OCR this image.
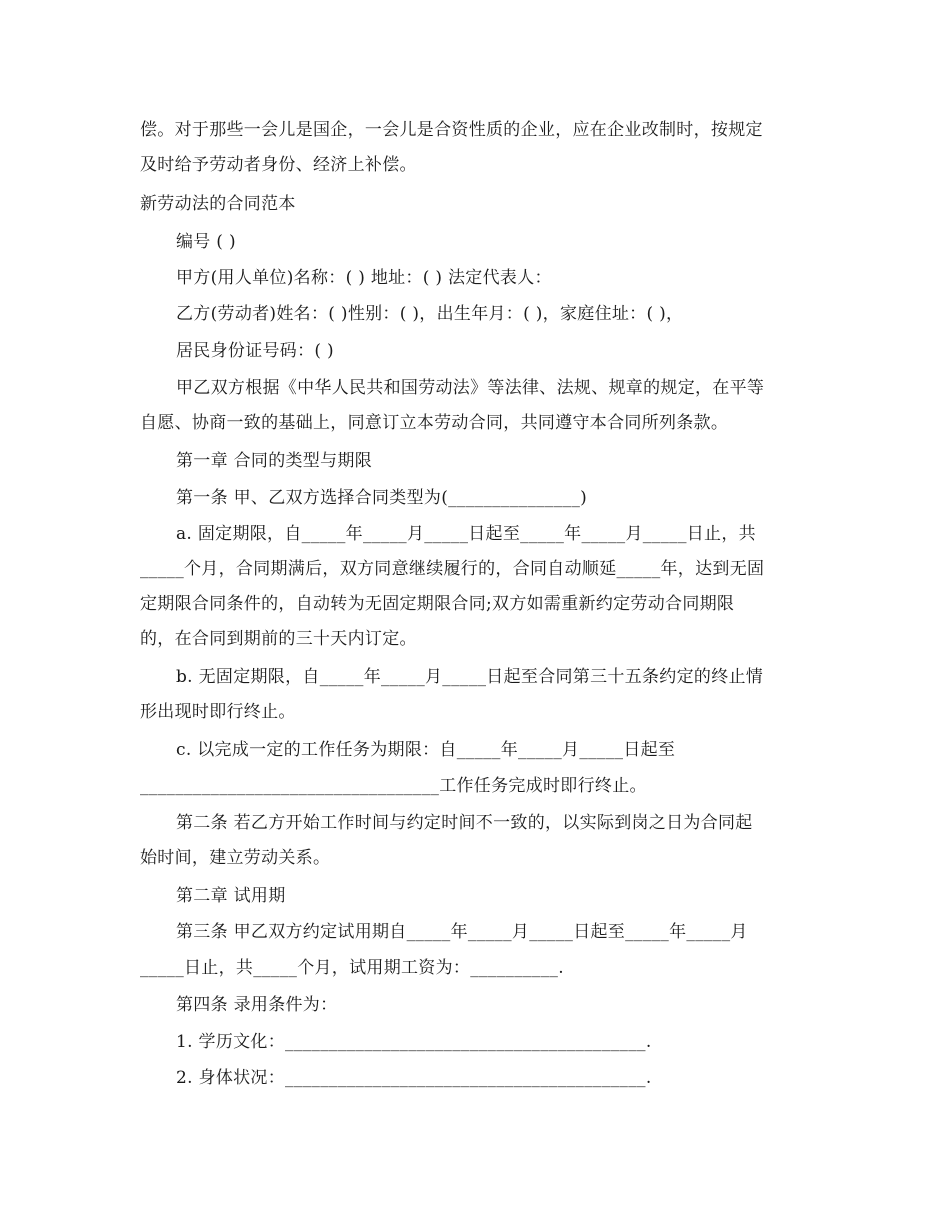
偿。对于那些一会儿是国企，一会儿是合资性质的企业，应在企业改制时，按规定
及时给予劳动者身份、经济上补偿。
新劳动法的合同范本
编号 ( )
甲方(用人单位)名称：( ) 地址：( ) 法定代表人：
乙方(劳动者)姓名：( )性别：( )，出生年月：( )，家庭住址：( )，
居民身份证号码：( )
甲乙双方根据《中华人民共和国劳动法》等法律、法规、规章的规定，在平等
自愿、协商一致的基础上，同意订立本劳动合同，共同遵守本合同所列条款。
第一章 合同的类型与期限
第一条 甲、乙双方选择合同类型为(_______________)
a. 固定期限，自_____年_____月_____日起至_____年_____月_____日止，共
_____个月，合同期满后，双方同意继续履行的，合同自动顺延_____年，达到无固
定期限合同条件的，自动转为无固定期限合同;双方如需重新约定劳动合同期限
的，在合同到期前的三十天内订定。
b. 无固定期限，自_____年_____月_____日起至合同第三十五条约定的终止情
形出现时即行终止。
c. 以完成一定的工作任务为期限：自_____年_____月_____日起至
__________________________________工作任务完成时即行终止。
第二条 若乙方开始工作时间与约定时间不一致的，以实际到岗之日为合同起
始时间，建立劳动关系。
第二章 试用期
第三条 甲乙双方约定试用期自_____年_____月_____日起至_____年_____月
_____日止，共_____个月，试用期工资为：__________.
第四条 录用条件为：
1. 学历文化：_________________________________________.
2. 身体状况：_________________________________________.
